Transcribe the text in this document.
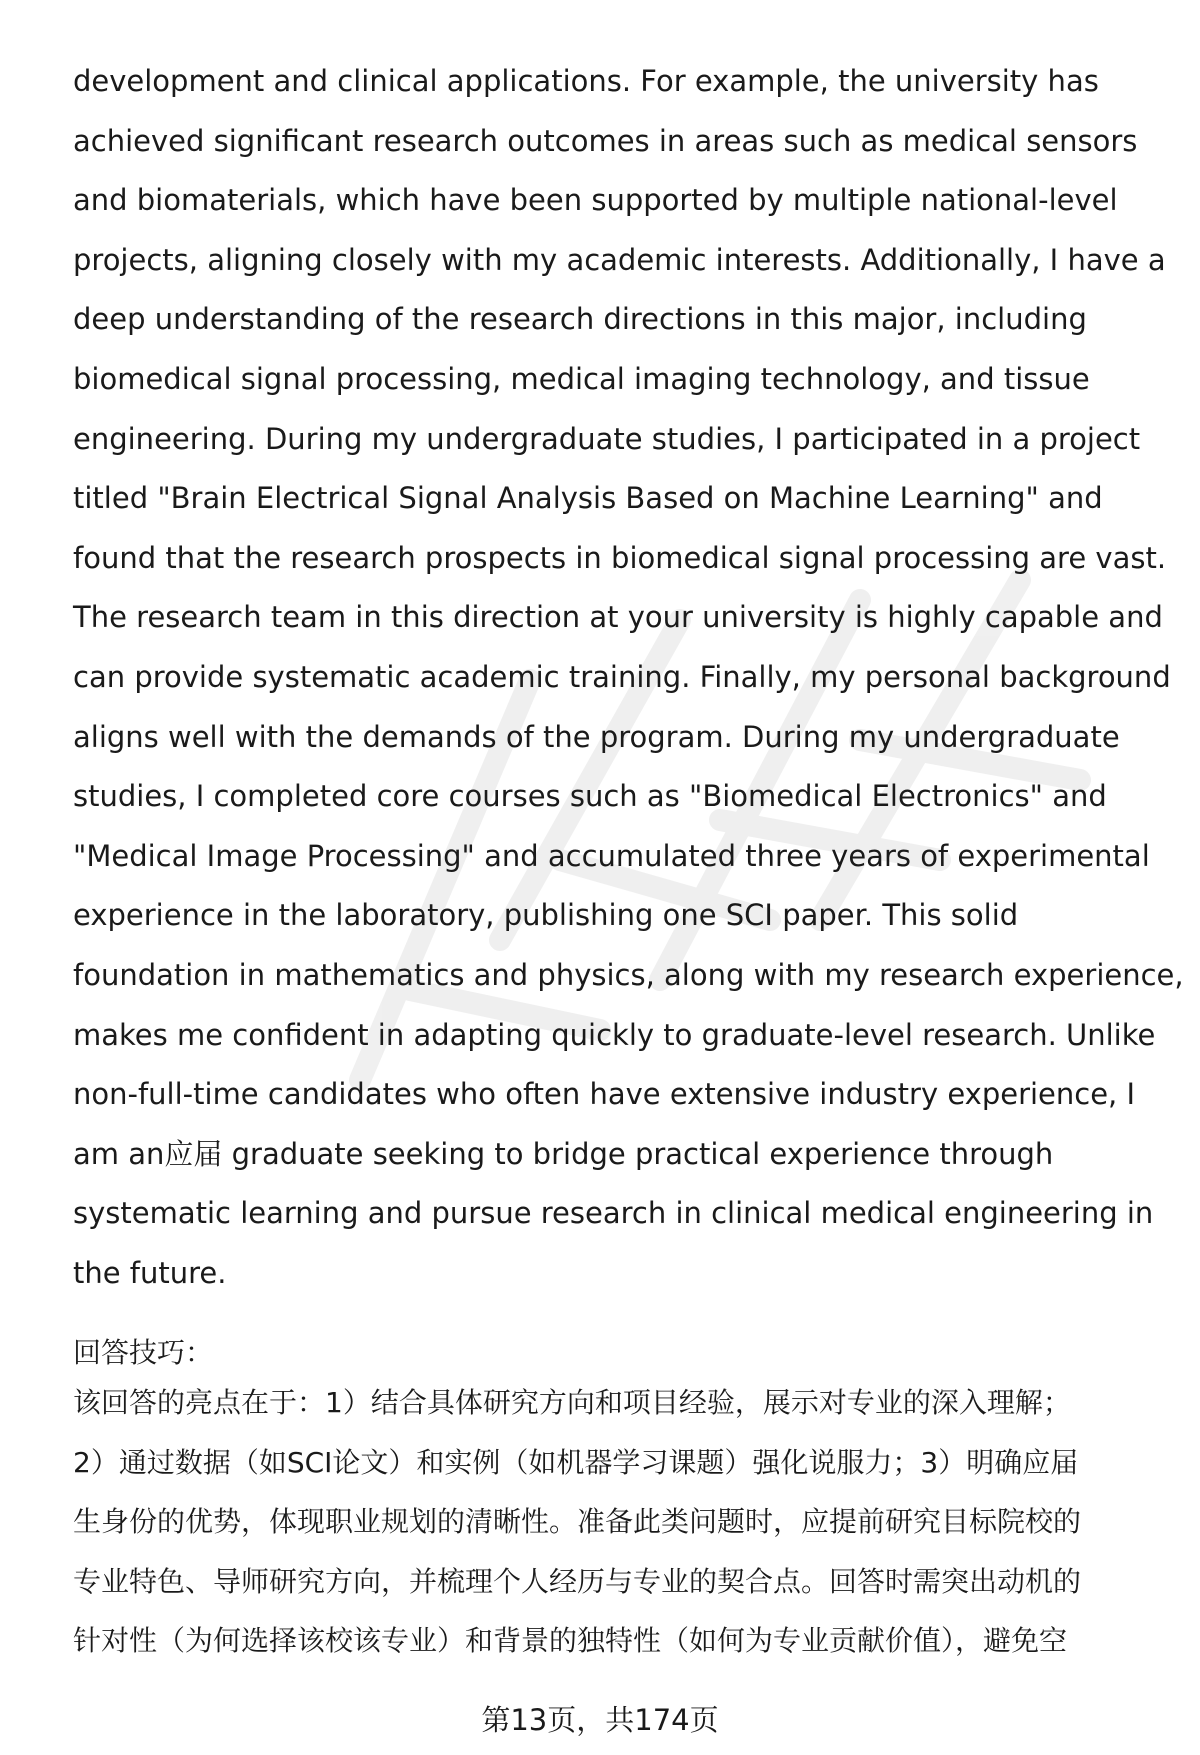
development and clinical applications. For example, the university has
achieved significant research outcomes in areas such as medical sensors
and biomaterials, which have been supported by multiple national-level
projects, aligning closely with my academic interests. Additionally, I have a
deep understanding of the research directions in this major, including
biomedical signal processing, medical imaging technology, and tissue
engineering. During my undergraduate studies, I participated in a project
titled "Brain Electrical Signal Analysis Based on Machine Learning" and
found that the research prospects in biomedical signal processing are vast.
The research team in this direction at your university is highly capable and
can provide systematic academic training. Finally, my personal background
aligns well with the demands of the program. During my undergraduate
studies, I completed core courses such as "Biomedical Electronics" and
"Medical Image Processing" and accumulated three years of experimental
experience in the laboratory, publishing one SCI paper. This solid
foundation in mathematics and physics, along with my research experience,
makes me confident in adapting quickly to graduate-level research. Unlike
non-full-time candidates who often have extensive industry experience, I
am an应届 graduate seeking to bridge practical experience through
systematic learning and pursue research in clinical medical engineering in
the future.
回答技巧：
该回答的亮点在于：1）结合具体研究方向和项目经验，展示对专业的深入理解；
2）通过数据（如SCI论文）和实例（如机器学习课题）强化说服力；3）明确应届
生身份的优势，体现职业规划的清晰性。准备此类问题时，应提前研究目标院校的
专业特色、导师研究方向，并梳理个人经历与专业的契合点。回答时需突出动机的
针对性（为何选择该校该专业）和背景的独特性（如何为专业贡献价值），避免空
第13页，共174页
